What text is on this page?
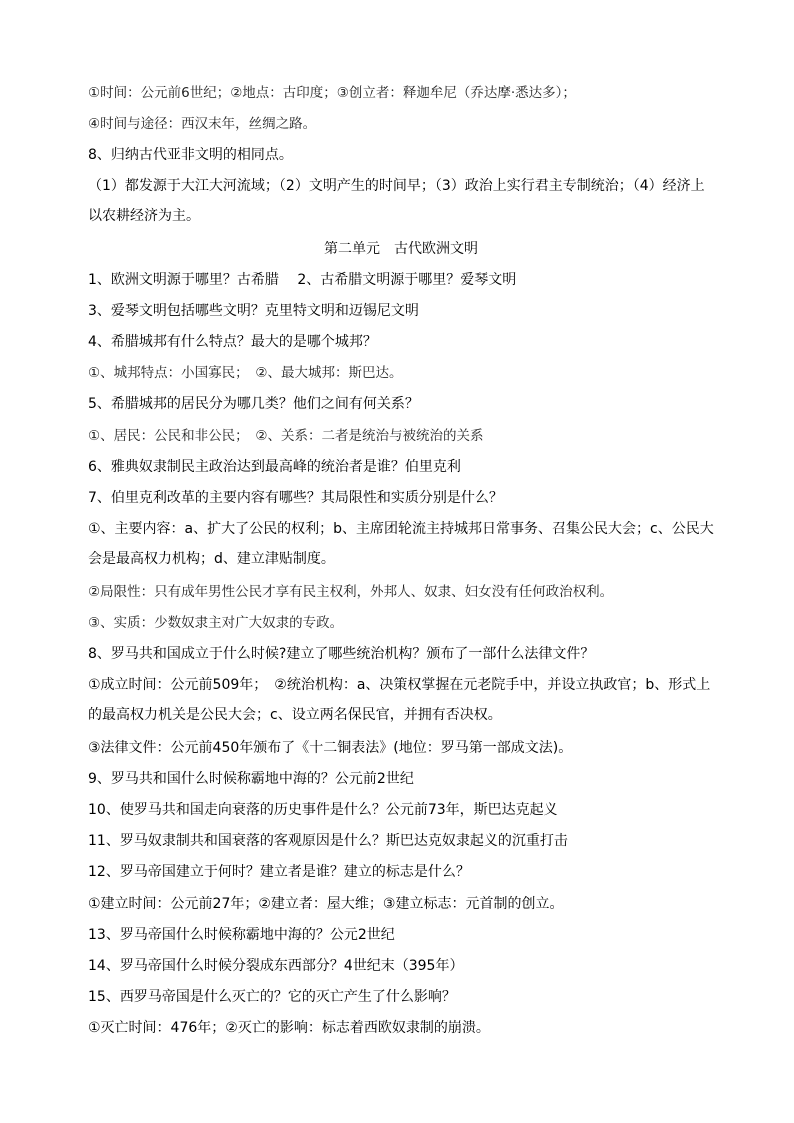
①时间：公元前6世纪；②地点：古印度；③创立者：释迦牟尼（乔达摩·悉达多）；
④时间与途径：西汉末年，丝绸之路。
8、归纳古代亚非文明的相同点。
（1）都发源于大江大河流域；（2）文明产生的时间早；（3）政治上实行君主专制统治；（4）经济上以农耕经济为主。
第二单元　古代欧洲文明
1、欧洲文明源于哪里？古希腊　 2、古希腊文明源于哪里？爱琴文明
3、爱琴文明包括哪些文明？克里特文明和迈锡尼文明
4、希腊城邦有什么特点？最大的是哪个城邦？
①、城邦特点：小国寡民；　②、最大城邦：斯巴达。
5、希腊城邦的居民分为哪几类？他们之间有何关系？
①、居民：公民和非公民；　②、关系：二者是统治与被统治的关系
6、雅典奴隶制民主政治达到最高峰的统治者是谁？伯里克利
7、伯里克利改革的主要内容有哪些？其局限性和实质分别是什么？
①、主要内容：a、扩大了公民的权利；b、主席团轮流主持城邦日常事务、召集公民大会；c、公民大会是最高权力机构；d、建立津贴制度。
②局限性：只有成年男性公民才享有民主权利，外邦人、奴隶、妇女没有任何政治权利。
③、实质：少数奴隶主对广大奴隶的专政。
8、罗马共和国成立于什么时候?建立了哪些统治机构？颁布了一部什么法律文件？
①成立时间：公元前509年；　②统治机构：a、决策权掌握在元老院手中，并设立执政官；b、形式上的最高权力机关是公民大会；c、设立两名保民官，并拥有否决权。
③法律文件：公元前450年颁布了《十二铜表法》(地位：罗马第一部成文法)。
9、罗马共和国什么时候称霸地中海的？公元前2世纪
10、使罗马共和国走向衰落的历史事件是什么？公元前73年，斯巴达克起义
11、罗马奴隶制共和国衰落的客观原因是什么？斯巴达克奴隶起义的沉重打击
12、罗马帝国建立于何时？建立者是谁？建立的标志是什么？
①建立时间：公元前27年；②建立者：屋大维；③建立标志：元首制的创立。
13、罗马帝国什么时候称霸地中海的？公元2世纪
14、罗马帝国什么时候分裂成东西部分？4世纪末（395年）
15、西罗马帝国是什么灭亡的？它的灭亡产生了什么影响？
①灭亡时间：476年；②灭亡的影响：标志着西欧奴隶制的崩溃。
